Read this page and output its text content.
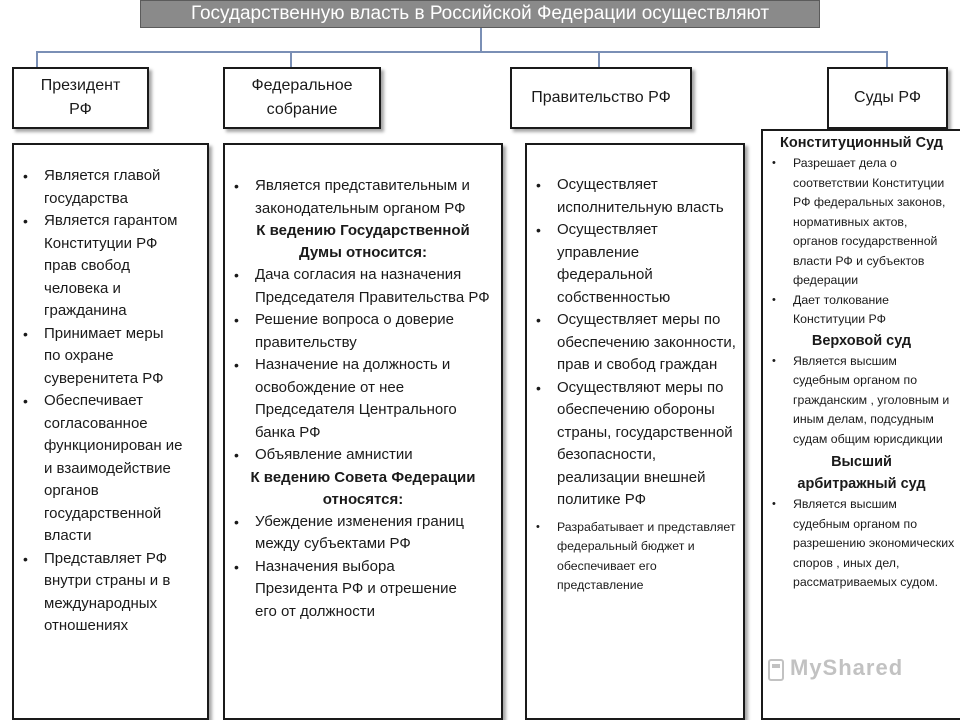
Государственную власть в Российской Федерации осуществляют
Президент РФ
Федеральное собрание
Правительство РФ	Суды РФ
• Является главой государства
• Является гарантом Конституции РФ прав свобод человека и гражданина
• Принимает меры по охране суверенитета РФ
• Обеспечивает согласованное функционирован ие и взаимодействие органов государственной власти
• Представляет РФ внутри страны и в международных отношениях
• Является представительным и законодательным органом РФ
К ведению Государственной Думы относится:
• Дача согласия на назначения Председателя Правительства РФ
• Решение вопроса о доверие правительству
• Назначение на должность и освобождение от нее Председателя Центрального банка РФ
• Объявление амнистии
К ведению Совета Федерации относятся:
• Убеждение изменения границ между субъектами РФ
• Назначения выбора Президента РФ и отрешение его от должности
• Осуществляет исполнительную власть
• Осуществляет управление федеральной собственностью
• Осуществляет меры по обеспечению законности, прав и свобод граждан
• Осуществляют меры по обеспечению обороны страны, государственной безопасности, реализации внешней политике РФ
• Разрабатывает и представляет федеральный бюджет и обеспечивает его представление
Конституционный Суд
• Разрешает дела о соответствии Конституции РФ федеральных законов, нормативных актов, органов государственной власти РФ и субъектов федерации
• Дает толкование Конституции РФ
Верховой суд
• Является высшим судебным органом по гражданским , уголовным и иным делам, подсудным судам общим юрисдикции
Высший арбитражный суд
• Является высшим судебным органом по разрешению экономических споров , иных дел, рассматриваемых судом.
MyShared
